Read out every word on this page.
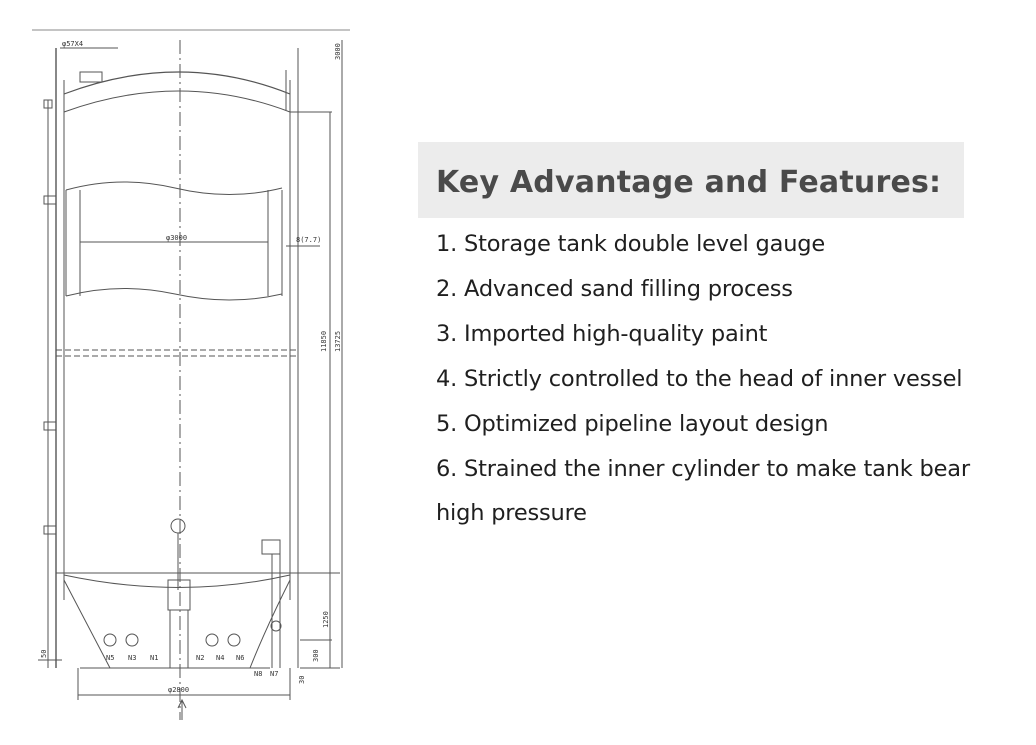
φ57X4
φ3000	8(7.7)
φ2800
3000
11850 13725
1250
300
50
30
N5 N3 N1	N2 N4 N6
N8 N7
Key Advantage and Features:
1. Storage tank double level gauge
2. Advanced sand filling process
3. Imported high-quality paint
4. Strictly controlled to the head of inner vessel
5. Optimized pipeline layout design
6. Strained the inner cylinder to make tank bear high pressure
